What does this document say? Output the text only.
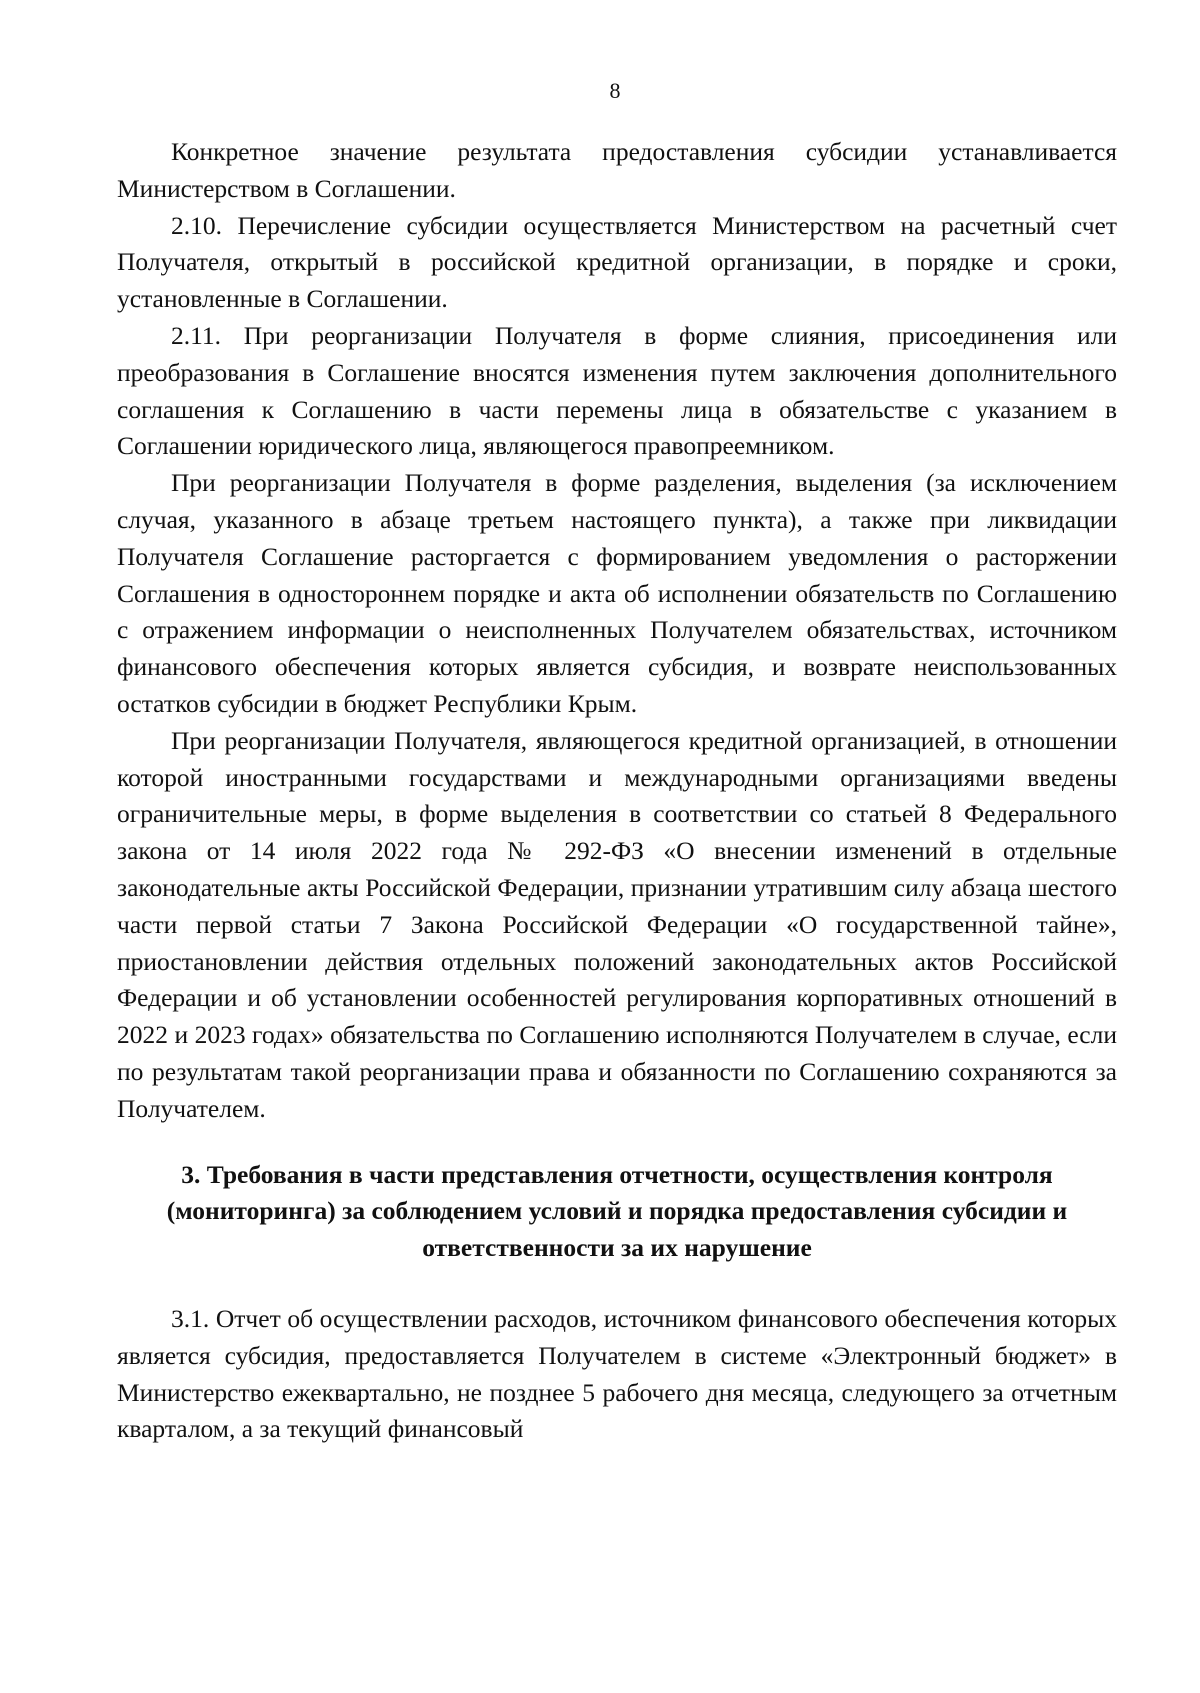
8

Конкретное значение результата предоставления субсидии устанавливается Министерством в Соглашении.

2.10. Перечисление субсидии осуществляется Министерством на расчетный счет Получателя, открытый в российской кредитной организации, в порядке и сроки, установленные в Соглашении.

2.11. При реорганизации Получателя в форме слияния, присоединения или преобразования в Соглашение вносятся изменения путем заключения дополнительного соглашения к Соглашению в части перемены лица в обязательстве с указанием в Соглашении юридического лица, являющегося правопреемником.

При реорганизации Получателя в форме разделения, выделения (за исключением случая, указанного в абзаце третьем настоящего пункта), а также при ликвидации Получателя Соглашение расторгается с формированием уведомления о расторжении Соглашения в одностороннем порядке и акта об исполнении обязательств по Соглашению с отражением информации о неисполненных Получателем обязательствах, источником финансового обеспечения которых является субсидия, и возврате неиспользованных остатков субсидии в бюджет Республики Крым.

При реорганизации Получателя, являющегося кредитной организацией, в отношении которой иностранными государствами и международными организациями введены ограничительные меры, в форме выделения в соответствии со статьей 8 Федерального закона от 14 июля 2022 года № 292-ФЗ «О внесении изменений в отдельные законодательные акты Российской Федерации, признании утратившим силу абзаца шестого части первой статьи 7 Закона Российской Федерации «О государственной тайне», приостановлении действия отдельных положений законодательных актов Российской Федерации и об установлении особенностей регулирования корпоративных отношений в 2022 и 2023 годах» обязательства по Соглашению исполняются Получателем в случае, если по результатам такой реорганизации права и обязанности по Соглашению сохраняются за Получателем.

3. Требования в части представления отчетности, осуществления контроля (мониторинга) за соблюдением условий и порядка предоставления субсидии и ответственности за их нарушение

3.1. Отчет об осуществлении расходов, источником финансового обеспечения которых является субсидия, предоставляется Получателем в системе «Электронный бюджет» в Министерство ежеквартально, не позднее 5 рабочего дня месяца, следующего за отчетным кварталом, а за текущий финансовый
